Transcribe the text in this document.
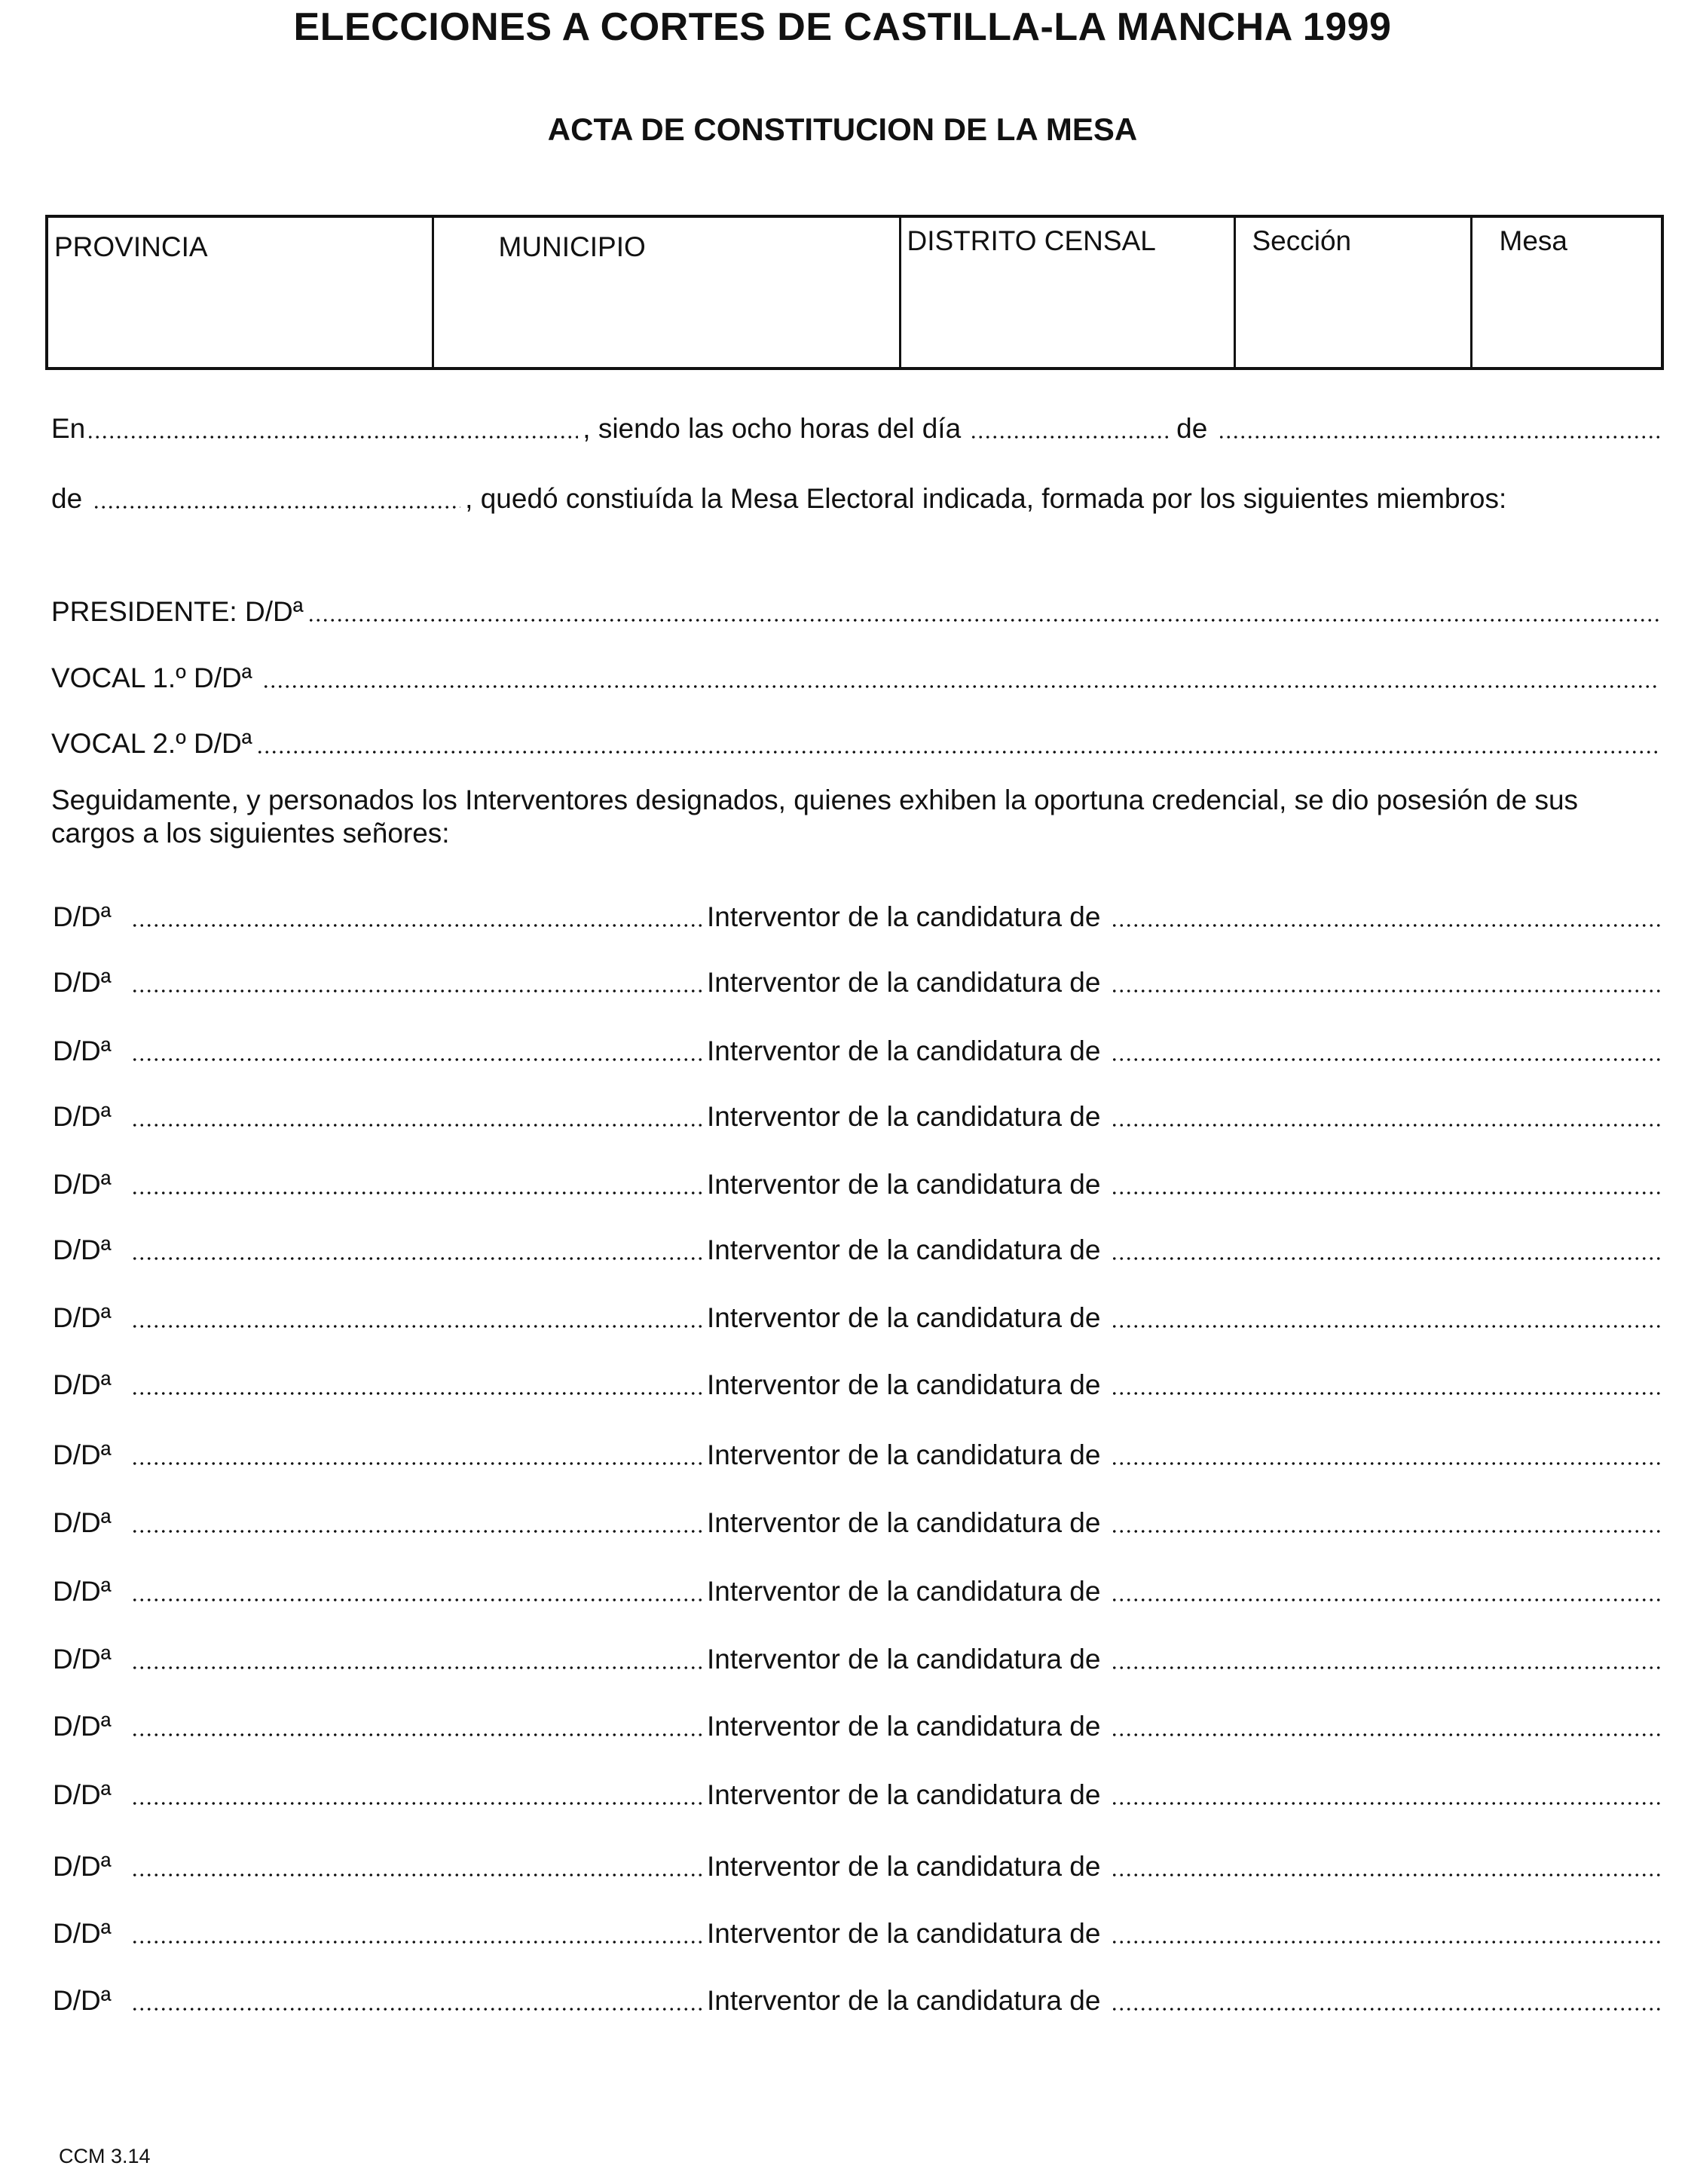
ELECCIONES A CORTES DE CASTILLA-LA MANCHA 1999
ACTA DE CONSTITUCION DE LA MESA
PROVINCIA	MUNICIPIO	DISTRITO CENSAL	Sección	Mesa
En	, siendo las ocho horas del día	de
de	, quedó constiuída la Mesa Electoral indicada, formada por los siguientes miembros:
PRESIDENTE: D/Dª
VOCAL 1.º D/Dª
VOCAL 2.º D/Dª
Seguidamente, y personados los Interventores designados, quienes exhiben la oportuna credencial, se dio posesión de sus cargos a los siguientes señores:
D/Dª	Interventor de la candidatura de
D/Dª	Interventor de la candidatura de
D/Dª	Interventor de la candidatura de
D/Dª	Interventor de la candidatura de
D/Dª	Interventor de la candidatura de
D/Dª	Interventor de la candidatura de
D/Dª	Interventor de la candidatura de
D/Dª	Interventor de la candidatura de
D/Dª	Interventor de la candidatura de
D/Dª	Interventor de la candidatura de
D/Dª	Interventor de la candidatura de
D/Dª	Interventor de la candidatura de
D/Dª	Interventor de la candidatura de
D/Dª	Interventor de la candidatura de
D/Dª	Interventor de la candidatura de
D/Dª	Interventor de la candidatura de
D/Dª	Interventor de la candidatura de
CCM 3.14
